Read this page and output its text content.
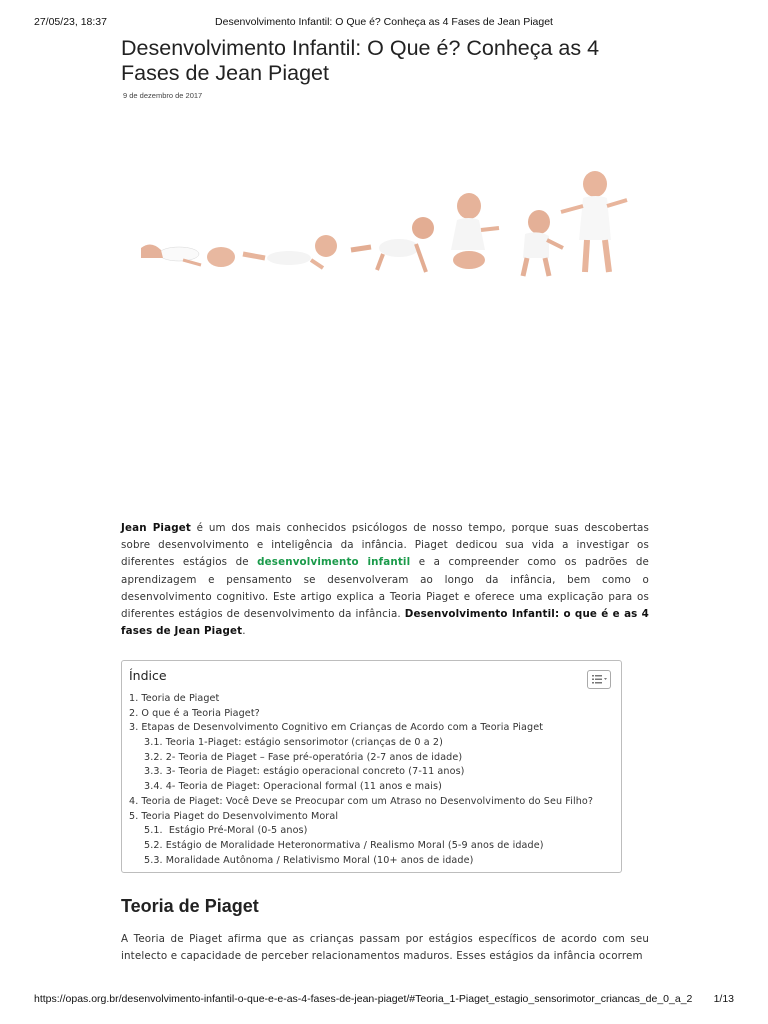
27/05/23, 18:37	Desenvolvimento Infantil: O Que é? Conheça as 4 Fases de Jean Piaget
Desenvolvimento Infantil: O Que é? Conheça as 4 Fases de Jean Piaget
9 de dezembro de 2017

Jean Piaget é um dos mais conhecidos psicólogos de nosso tempo, porque suas descobertas sobre desenvolvimento e inteligência da infância. Piaget dedicou sua vida a investigar os diferentes estágios de desenvolvimento infantil e a compreender como os padrões de aprendizagem e pensamento se desenvolveram ao longo da infância, bem como o desenvolvimento cognitivo. Este artigo explica a Teoria Piaget e oferece uma explicação para os diferentes estágios de desenvolvimento da infância. Desenvolvimento Infantil: o que é e as 4 fases de Jean Piaget.

Índice
1. Teoria de Piaget
2. O que é a Teoria Piaget?
3. Etapas de Desenvolvimento Cognitivo em Crianças de Acordo com a Teoria Piaget
3.1. Teoria 1-Piaget: estágio sensorimotor (crianças de 0 a 2)
3.2. 2- Teoria de Piaget – Fase pré-operatória (2-7 anos de idade)
3.3. 3- Teoria de Piaget: estágio operacional concreto (7-11 anos)
3.4. 4- Teoria de Piaget: Operacional formal (11 anos e mais)
4. Teoria de Piaget: Você Deve se Preocupar com um Atraso no Desenvolvimento do Seu Filho?
5. Teoria Piaget do Desenvolvimento Moral
5.1. Estágio Pré-Moral (0-5 anos)
5.2. Estágio de Moralidade Heteronormativa / Realismo Moral (5-9 anos de idade)
5.3. Moralidade Autônoma / Relativismo Moral (10+ anos de idade)
Teoria de Piaget

A Teoria de Piaget afirma que as crianças passam por estágios específicos de acordo com seu intelecto e capacidade de perceber relacionamentos maduros. Esses estágios da infância ocorrem

https://opas.org.br/desenvolvimento-infantil-o-que-e-e-as-4-fases-de-jean-piaget/#Teoria_1-Piaget_estagio_sensorimotor_criancas_de_0_a_2 1/13
